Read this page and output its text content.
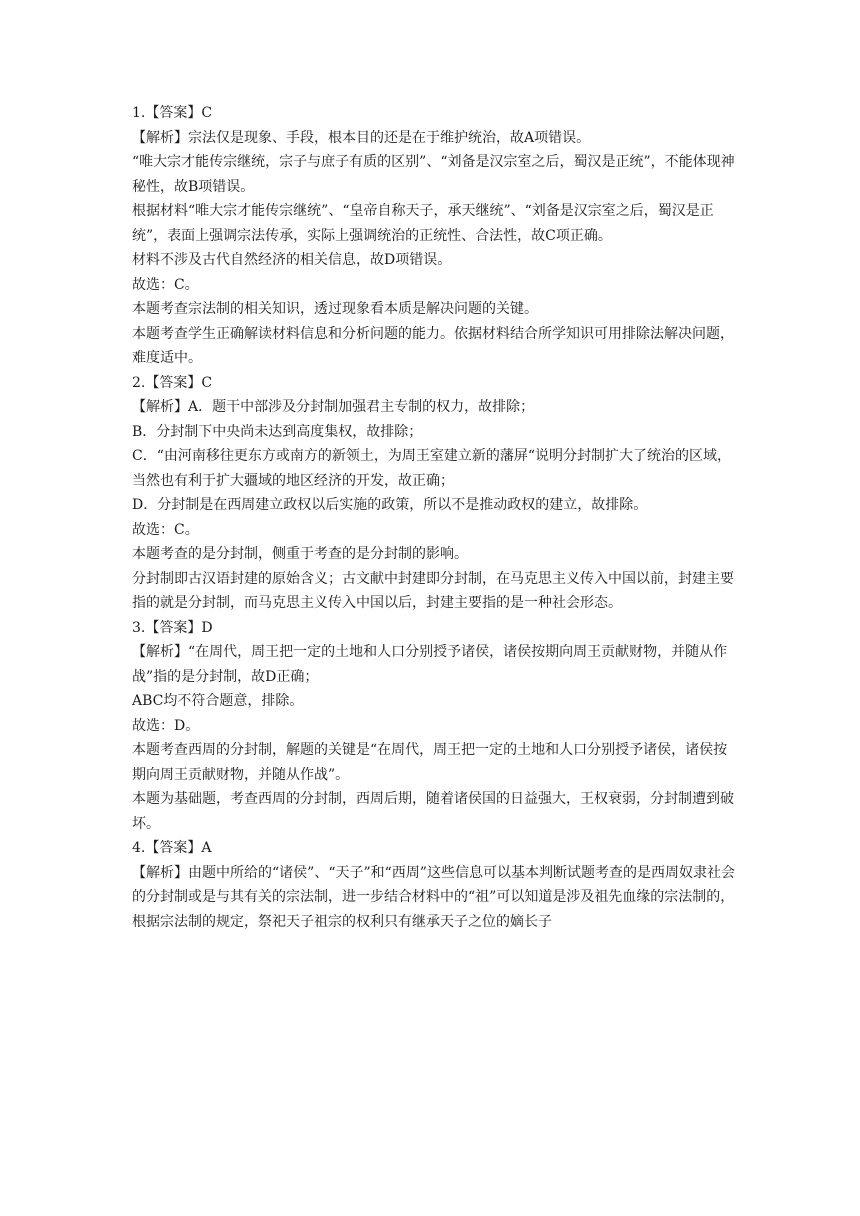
1.【答案】C

【解析】宗法仅是现象、手段，根本目的还是在于维护统治，故A项错误。

“唯大宗才能传宗继统，宗子与庶子有质的区别”、“刘备是汉宗室之后，蜀汉是正统”，不能体现神秘性，故B项错误。

根据材料“唯大宗才能传宗继统”、“皇帝自称天子，承天继统”、“刘备是汉宗室之后，蜀汉是正统”，表面上强调宗法传承，实际上强调统治的正统性、合法性，故C项正确。

材料不涉及古代自然经济的相关信息，故D项错误。

故选：C。

本题考查宗法制的相关知识，透过现象看本质是解决问题的关键。

本题考查学生正确解读材料信息和分析问题的能力。依据材料结合所学知识可用排除法解决问题，难度适中。

2.【答案】C

【解析】A．题干中部涉及分封制加强君主专制的权力，故排除；

B．分封制下中央尚未达到高度集权，故排除；

C．“由河南移往更东方或南方的新领土，为周王室建立新的藩屏“说明分封制扩大了统治的区域，当然也有利于扩大疆域的地区经济的开发，故正确；

D．分封制是在西周建立政权以后实施的政策，所以不是推动政权的建立，故排除。

故选：C。

本题考查的是分封制，侧重于考查的是分封制的影响。

分封制即古汉语封建的原始含义；古文献中封建即分封制，在马克思主义传入中国以前，封建主要指的就是分封制，而马克思主义传入中国以后，封建主要指的是一种社会形态。

3.【答案】D

【解析】“在周代，周王把一定的土地和人口分别授予诸侯，诸侯按期向周王贡献财物，并随从作战”指的是分封制，故D正确；

ABC均不符合题意，排除。

故选：D。

本题考查西周的分封制，解题的关键是“在周代，周王把一定的土地和人口分别授予诸侯，诸侯按期向周王贡献财物，并随从作战”。

本题为基础题，考查西周的分封制，西周后期，随着诸侯国的日益强大，王权衰弱，分封制遭到破坏。

4.【答案】A

【解析】由题中所给的“诸侯”、“天子”和“西周”这些信息可以基本判断试题考查的是西周奴隶社会的分封制或是与其有关的宗法制，进一步结合材料中的“祖”可以知道是涉及祖先血缘的宗法制的，根据宗法制的规定，祭祀天子祖宗的权利只有继承天子之位的嫡长子
